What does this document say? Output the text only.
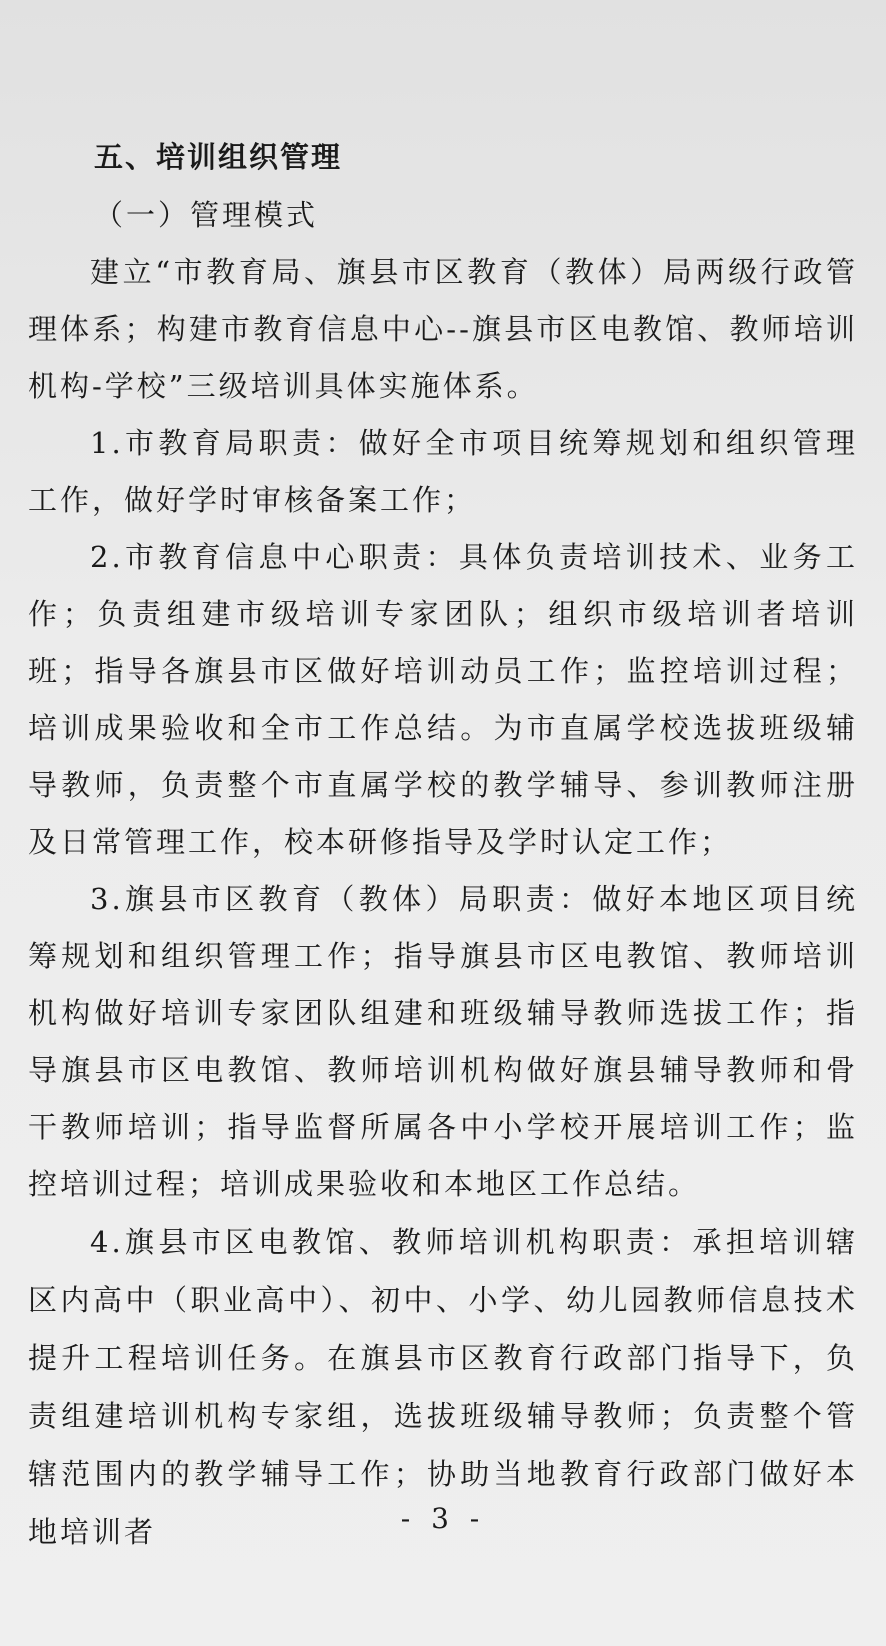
五、培训组织管理

（一）管理模式

建立“市教育局、旗县市区教育（教体）局两级行政管理体系；构建市教育信息中心--旗县市区电教馆、教师培训机构-学校”三级培训具体实施体系。

1.市教育局职责：做好全市项目统筹规划和组织管理工作，做好学时审核备案工作；

2.市教育信息中心职责：具体负责培训技术、业务工作；负责组建市级培训专家团队；组织市级培训者培训班；指导各旗县市区做好培训动员工作；监控培训过程；培训成果验收和全市工作总结。为市直属学校选拔班级辅导教师，负责整个市直属学校的教学辅导、参训教师注册及日常管理工作，校本研修指导及学时认定工作；

3.旗县市区教育（教体）局职责：做好本地区项目统筹规划和组织管理工作；指导旗县市区电教馆、教师培训机构做好培训专家团队组建和班级辅导教师选拔工作；指导旗县市区电教馆、教师培训机构做好旗县辅导教师和骨干教师培训；指导监督所属各中小学校开展培训工作；监控培训过程；培训成果验收和本地区工作总结。

4.旗县市区电教馆、教师培训机构职责：承担培训辖区内高中（职业高中）、初中、小学、幼儿园教师信息技术提升工程培训任务。在旗县市区教育行政部门指导下，负责组建培训机构专家组，选拔班级辅导教师；负责整个管辖范围内的教学辅导工作；协助当地教育行政部门做好本地培训者	- 3 -
